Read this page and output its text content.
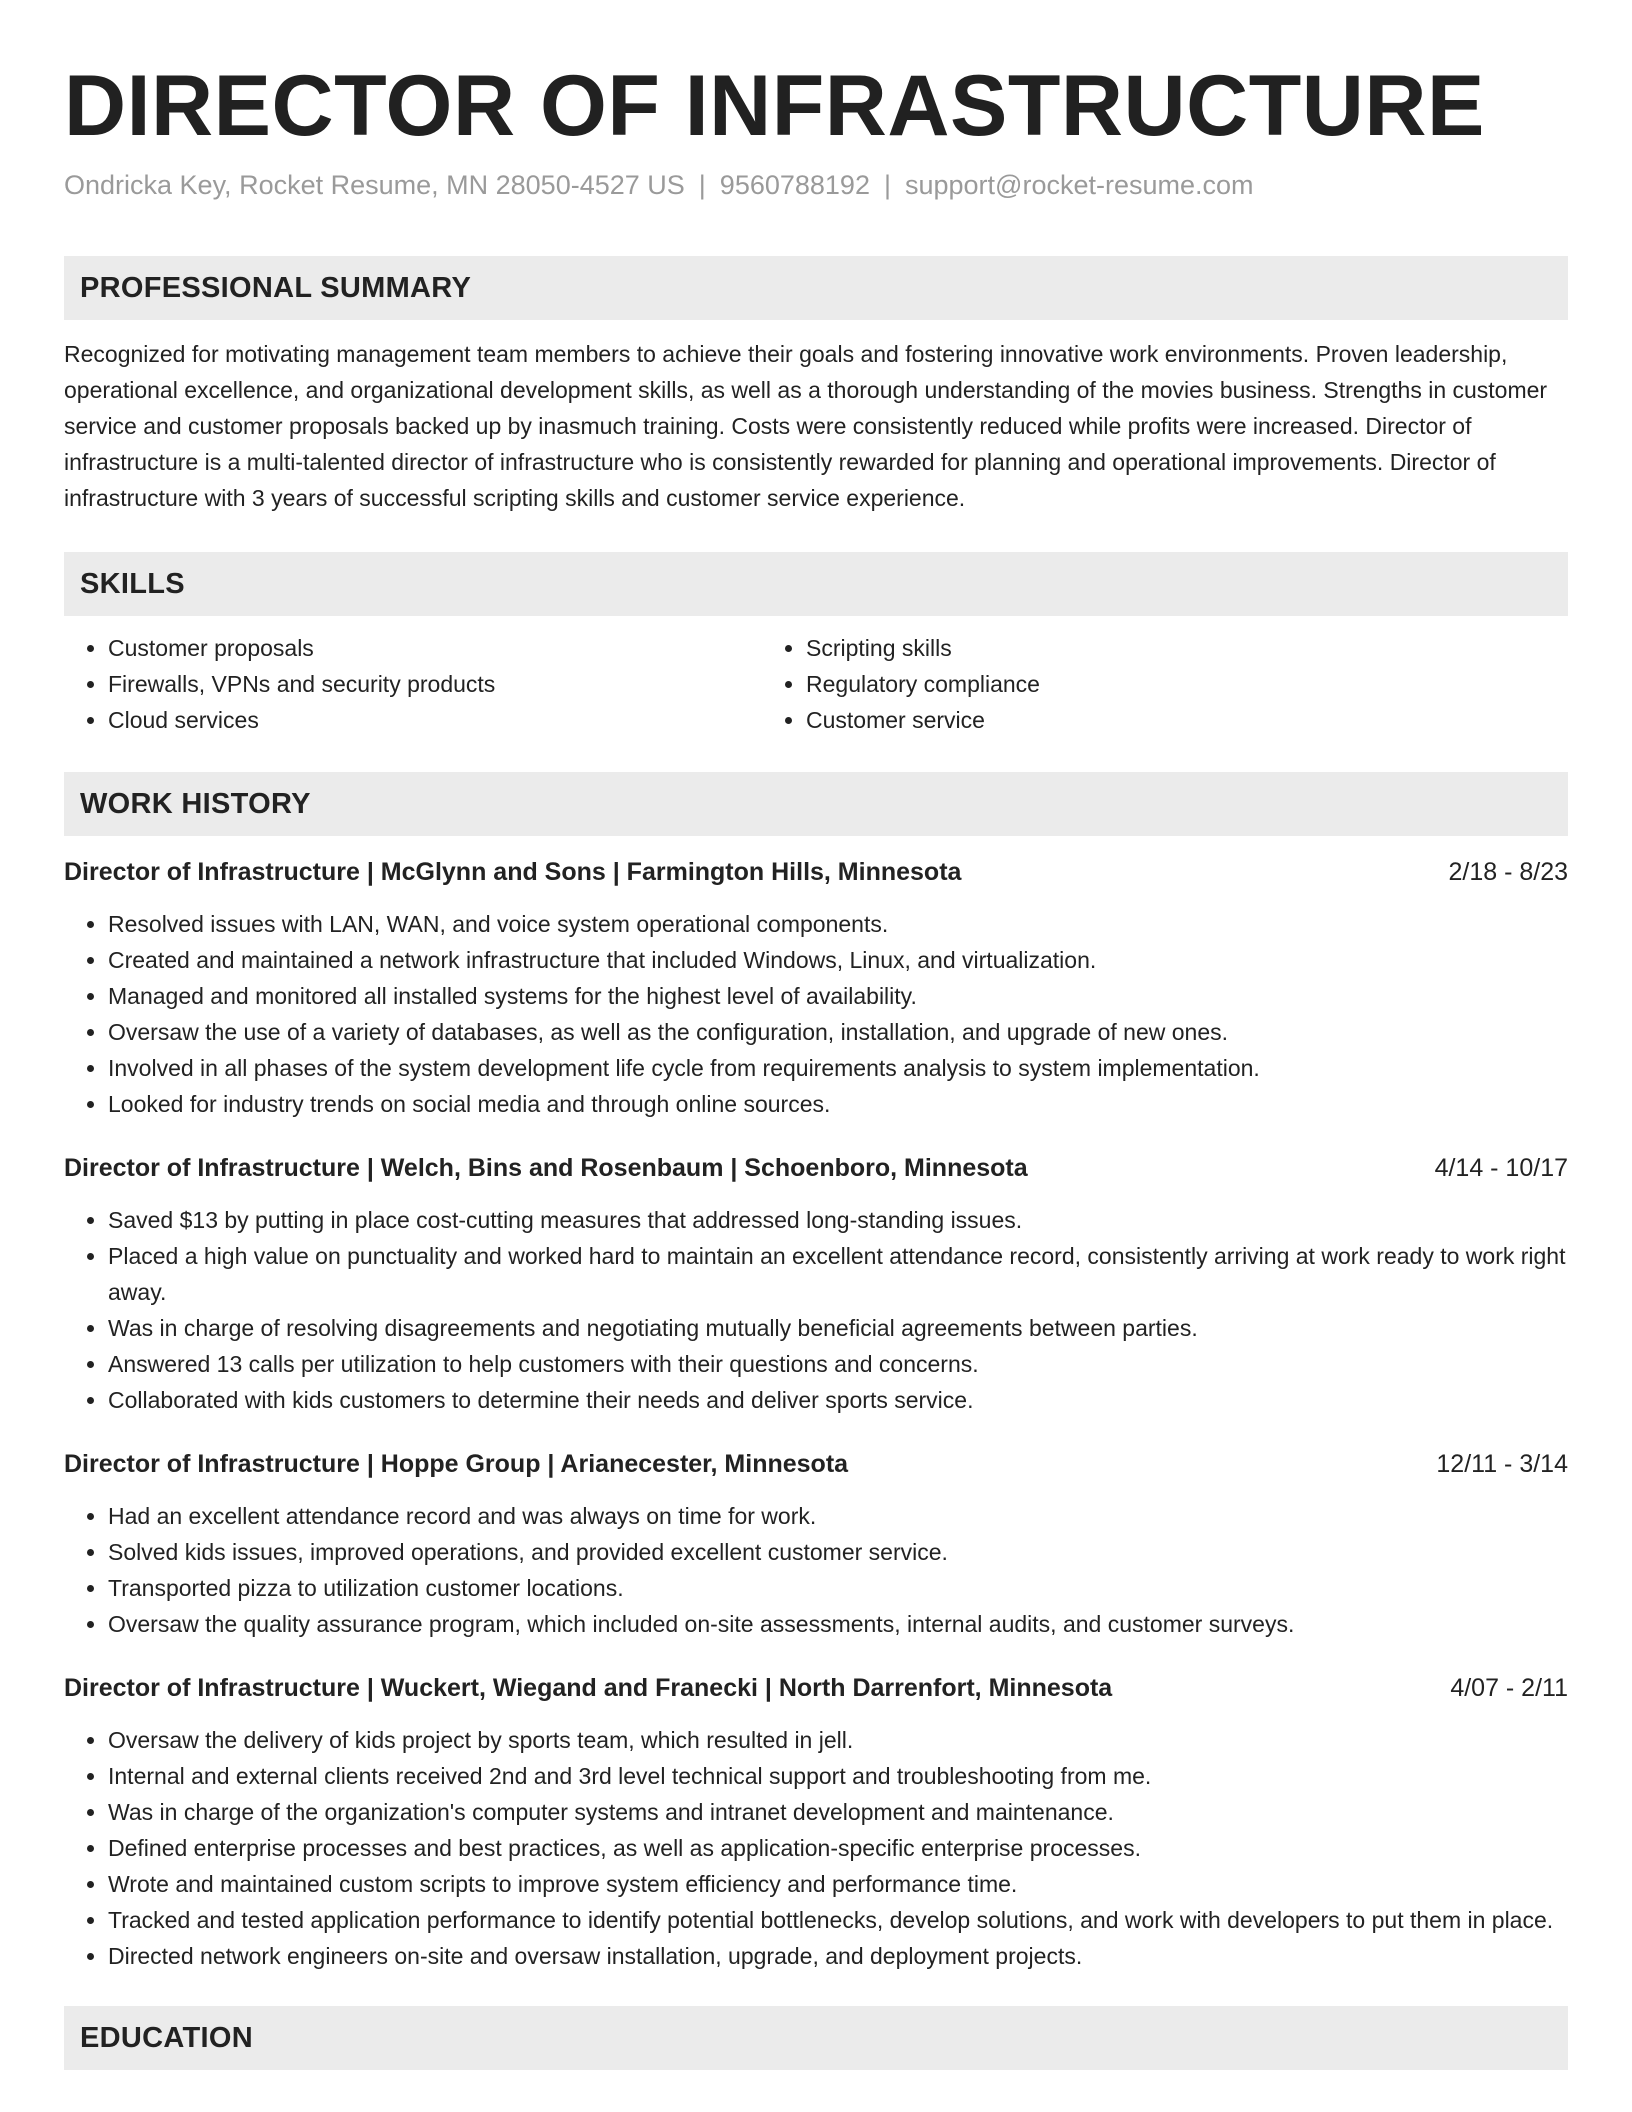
DIRECTOR OF INFRASTRUCTURE
Ondricka Key, Rocket Resume, MN 28050-4527 US | 9560788192 | support@rocket-resume.com
PROFESSIONAL SUMMARY

Recognized for motivating management team members to achieve their goals and fostering innovative work environments. Proven leadership, operational excellence, and organizational development skills, as well as a thorough understanding of the movies business. Strengths in customer service and customer proposals backed up by inasmuch training. Costs were consistently reduced while profits were increased. Director of infrastructure is a multi-talented director of infrastructure who is consistently rewarded for planning and operational improvements. Director of infrastructure with 3 years of successful scripting skills and customer service experience.

SKILLS
• Customer proposals
• Firewalls, VPNs and security products
• Cloud services
• Scripting skills
• Regulatory compliance
• Customer service
WORK HISTORY
Director of Infrastructure | McGlynn and Sons | Farmington Hills, Minnesota	2/18 - 8/23
• Resolved issues with LAN, WAN, and voice system operational components.
• Created and maintained a network infrastructure that included Windows, Linux, and virtualization.
• Managed and monitored all installed systems for the highest level of availability.
• Oversaw the use of a variety of databases, as well as the configuration, installation, and upgrade of new ones.
• Involved in all phases of the system development life cycle from requirements analysis to system implementation.
• Looked for industry trends on social media and through online sources.
Director of Infrastructure | Welch, Bins and Rosenbaum | Schoenboro, Minnesota	4/14 - 10/17
• Saved $13 by putting in place cost-cutting measures that addressed long-standing issues.
• Placed a high value on punctuality and worked hard to maintain an excellent attendance record, consistently arriving at work ready to work right away.
• Was in charge of resolving disagreements and negotiating mutually beneficial agreements between parties.
• Answered 13 calls per utilization to help customers with their questions and concerns.
• Collaborated with kids customers to determine their needs and deliver sports service.
Director of Infrastructure | Hoppe Group | Arianecester, Minnesota	12/11 - 3/14
• Had an excellent attendance record and was always on time for work.
• Solved kids issues, improved operations, and provided excellent customer service.
• Transported pizza to utilization customer locations.
• Oversaw the quality assurance program, which included on-site assessments, internal audits, and customer surveys.
Director of Infrastructure | Wuckert, Wiegand and Franecki | North Darrenfort, Minnesota	4/07 - 2/11
• Oversaw the delivery of kids project by sports team, which resulted in jell.
• Internal and external clients received 2nd and 3rd level technical support and troubleshooting from me.
• Was in charge of the organization's computer systems and intranet development and maintenance.
• Defined enterprise processes and best practices, as well as application-specific enterprise processes.
• Wrote and maintained custom scripts to improve system efficiency and performance time.
• Tracked and tested application performance to identify potential bottlenecks, develop solutions, and work with developers to put them in place.
• Directed network engineers on-site and oversaw installation, upgrade, and deployment projects.
EDUCATION
